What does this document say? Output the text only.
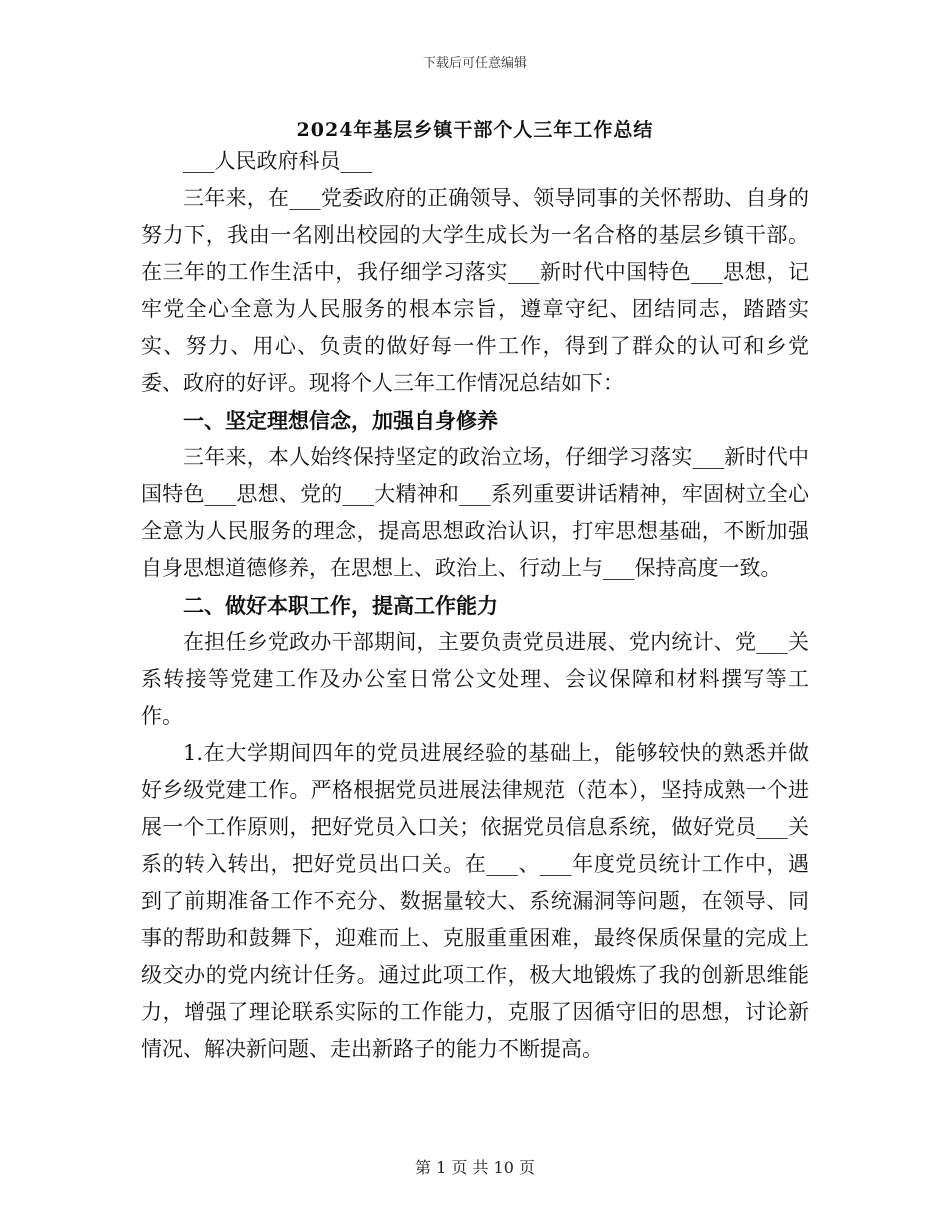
下载后可任意编辑
2024年基层乡镇干部个人三年工作总结

___人民政府科员___

三年来，在___党委政府的正确领导、领导同事的关怀帮助、自身的努力下，我由一名刚出校园的大学生成长为一名合格的基层乡镇干部。在三年的工作生活中，我仔细学习落实___新时代中国特色___思想，记牢党全心全意为人民服务的根本宗旨，遵章守纪、团结同志，踏踏实实、努力、用心、负责的做好每一件工作，得到了群众的认可和乡党委、政府的好评。现将个人三年工作情况总结如下：

一、坚定理想信念，加强自身修养

三年来，本人始终保持坚定的政治立场，仔细学习落实___新时代中国特色___思想、党的___大精神和___系列重要讲话精神，牢固树立全心全意为人民服务的理念，提高思想政治认识，打牢思想基础，不断加强自身思想道德修养，在思想上、政治上、行动上与___保持高度一致。

二、做好本职工作，提高工作能力

在担任乡党政办干部期间，主要负责党员进展、党内统计、党___关系转接等党建工作及办公室日常公文处理、会议保障和材料撰写等工作。

1.在大学期间四年的党员进展经验的基础上，能够较快的熟悉并做好乡级党建工作。严格根据党员进展法律规范（范本），坚持成熟一个进展一个工作原则，把好党员入口关；依据党员信息系统，做好党员___关系的转入转出，把好党员出口关。在___、___年度党员统计工作中，遇到了前期准备工作不充分、数据量较大、系统漏洞等问题，在领导、同事的帮助和鼓舞下，迎难而上、克服重重困难，最终保质保量的完成上级交办的党内统计任务。通过此项工作，极大地锻炼了我的创新思维能力，增强了理论联系实际的工作能力，克服了因循守旧的思想，讨论新情况、解决新问题、走出新路子的能力不断提高。

第 1 页 共 10 页
